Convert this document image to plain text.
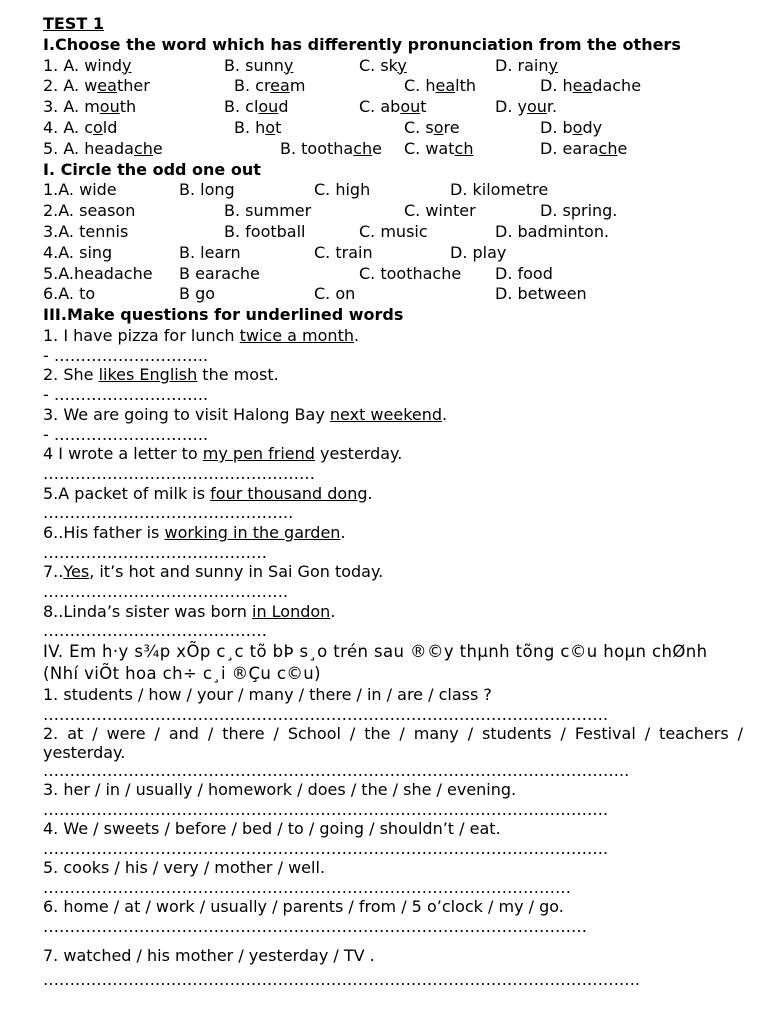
TEST 1
I.Choose the word which has differently pronunciation from the others
1. A. windy	B. sunny	C. sky	D. rainy
2. A. weather	B. cream	C. health	D. headache
3. A. mouth	B. cloud	C. about	D. your.
4. A. cold	B. hot	C. sore	D. body
5. A. headache	B. toothache C. watch	D. earache
I. Circle the odd one out
1.A. wide	B. long	C. high	D. kilometre
2.A. season	B. summer	C. winter	D. spring.
3.A. tennis	B. football	C. music	D. badminton.
4.A. sing	B. learn	C. train	D. play
5.A.headache B earache	C. toothache D. food
6.A. to	B go	C. on	D. between
III.Make questions for underlined words
1. I have pizza for lunch twice a month.
- ………………………..
2. She likes English the most.
- ………………………..
3. We are going to visit Halong Bay next weekend.
- ………………………..
4 I wrote a letter to my pen friend yesterday.
……………………………………………
5.A packet of milk is four thousand dong.
………………………………………..
6..His father is working in the garden.
……………………………………
7..Yes, it’s hot and sunny in Sai Gon today.
……………………………………….
8..Linda’s sister was born in London.
……………………………………
IV. Em h·y s¾p xÕp c¸c tõ bÞ s¸o trén sau ®©y thµnh tõng c©u hoµn chØnh
(Nhí viÕt hoa ch÷ c¸i ®Çu c©u)
1. students / how / your / many / there / in / are / class ?
…………………………………………………………………………………………….
2. at / were / and / there / School / the / many / students / Festival / teachers / yesterday.
………………………………………………………………………………………………..
3. her / in / usually / homework / does / the / she / evening.
…………………………………………………………………………………………….
4. We / sweets / before / bed / to / going / shouldn’t / eat.
…………………………………………………………………………………………….
5. cooks / his / very / mother / well.
………………………………………………………………………………………
6. home / at / work / usually / parents / from / 5 o’clock / my / go.
…………………………………………………………………………………………
7. watched / his mother / yesterday / TV .
………………………………………………………………………………………………….
